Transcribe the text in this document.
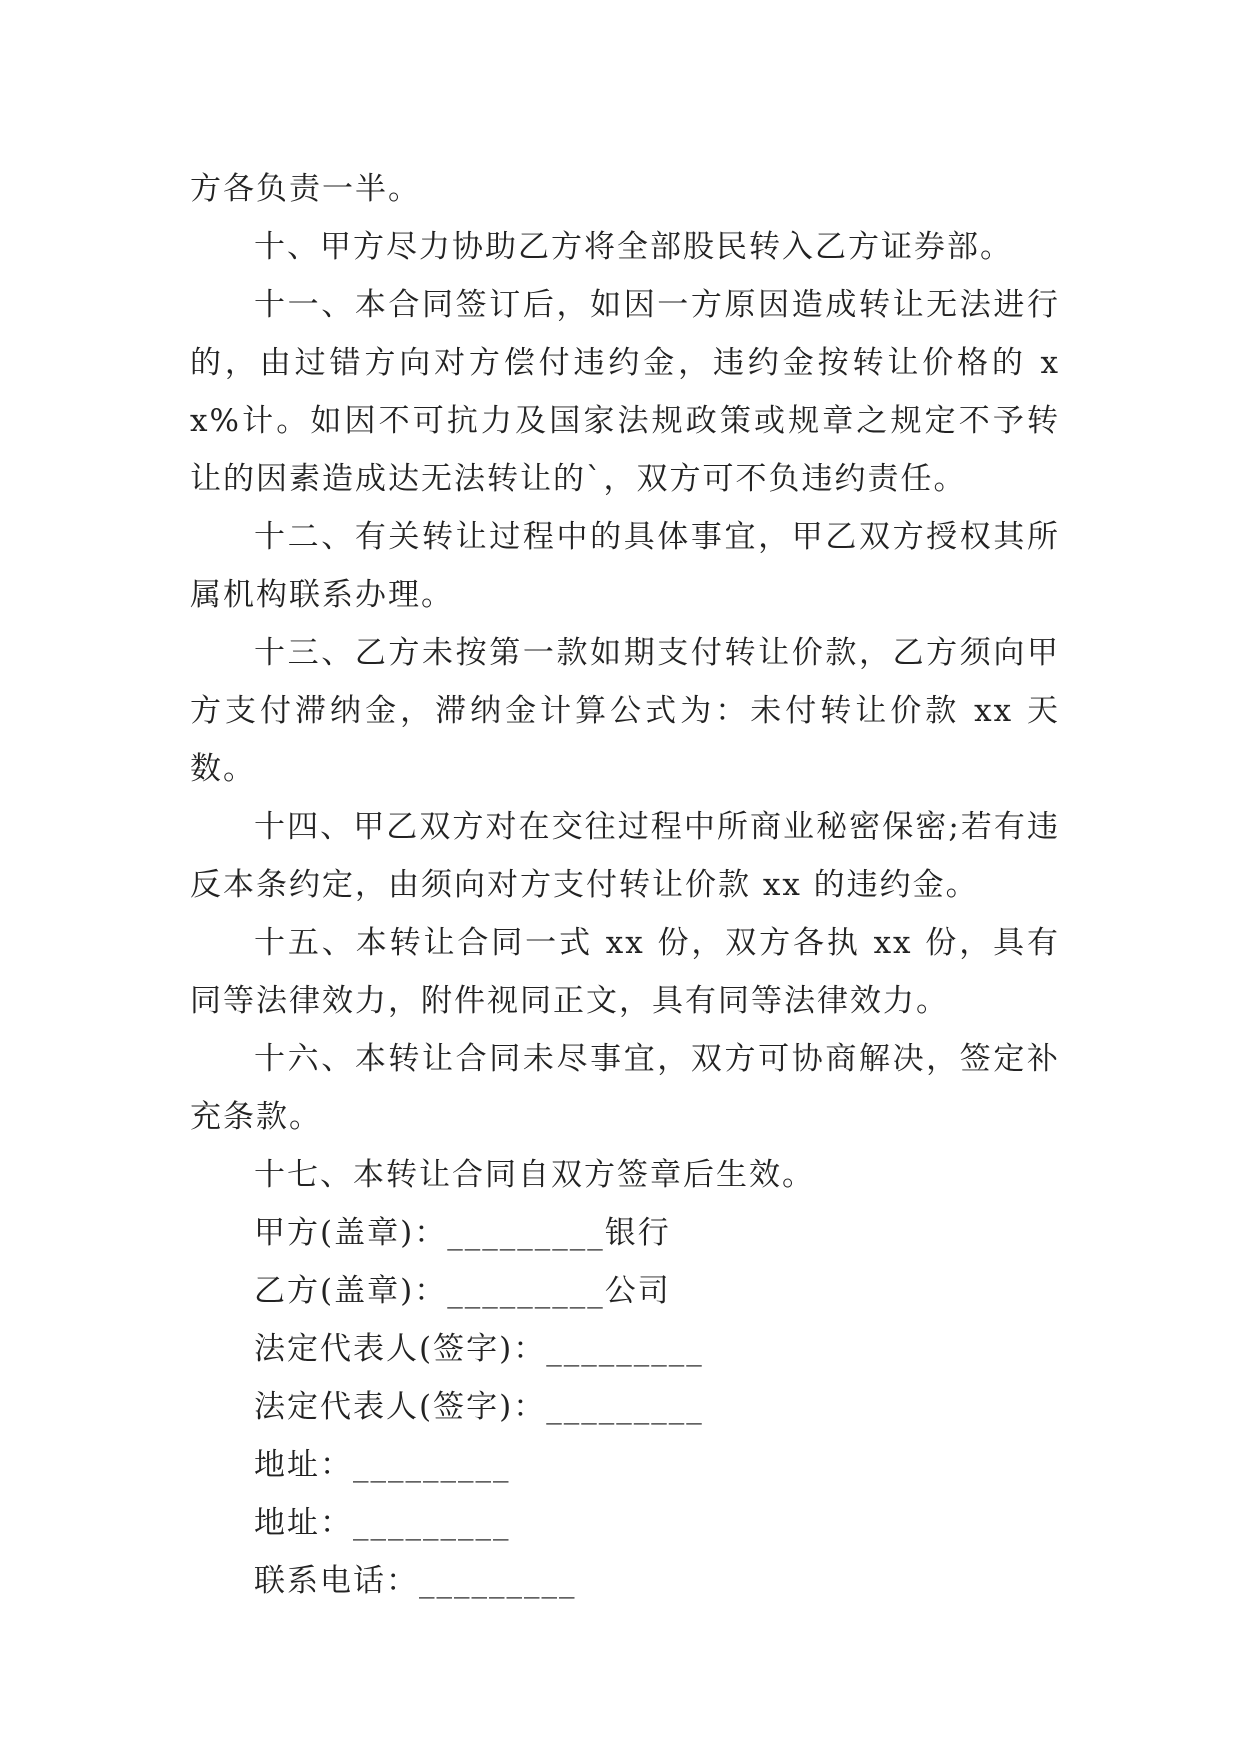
方各负责一半。

十、甲方尽力协助乙方将全部股民转入乙方证券部。

十一、本合同签订后，如因一方原因造成转让无法进行的，由过错方向对方偿付违约金，违约金按转让价格的 xx%计。如因不可抗力及国家法规政策或规章之规定不予转让的因素造成达无法转让的`，双方可不负违约责任。

十二、有关转让过程中的具体事宜，甲乙双方授权其所属机构联系办理。

十三、乙方未按第一款如期支付转让价款，乙方须向甲方支付滞纳金，滞纳金计算公式为：未付转让价款 xx 天数。

十四、甲乙双方对在交往过程中所商业秘密保密;若有违反本条约定，由须向对方支付转让价款 xx 的违约金。

十五、本转让合同一式 xx 份，双方各执 xx 份，具有同等法律效力，附件视同正文，具有同等法律效力。

十六、本转让合同未尽事宜，双方可协商解决，签定补充条款。

十七、本转让合同自双方签章后生效。

甲方(盖章)：_________银行

乙方(盖章)：_________公司

法定代表人(签字)：_________

法定代表人(签字)：_________

地址：_________

地址：_________

联系电话：_________
